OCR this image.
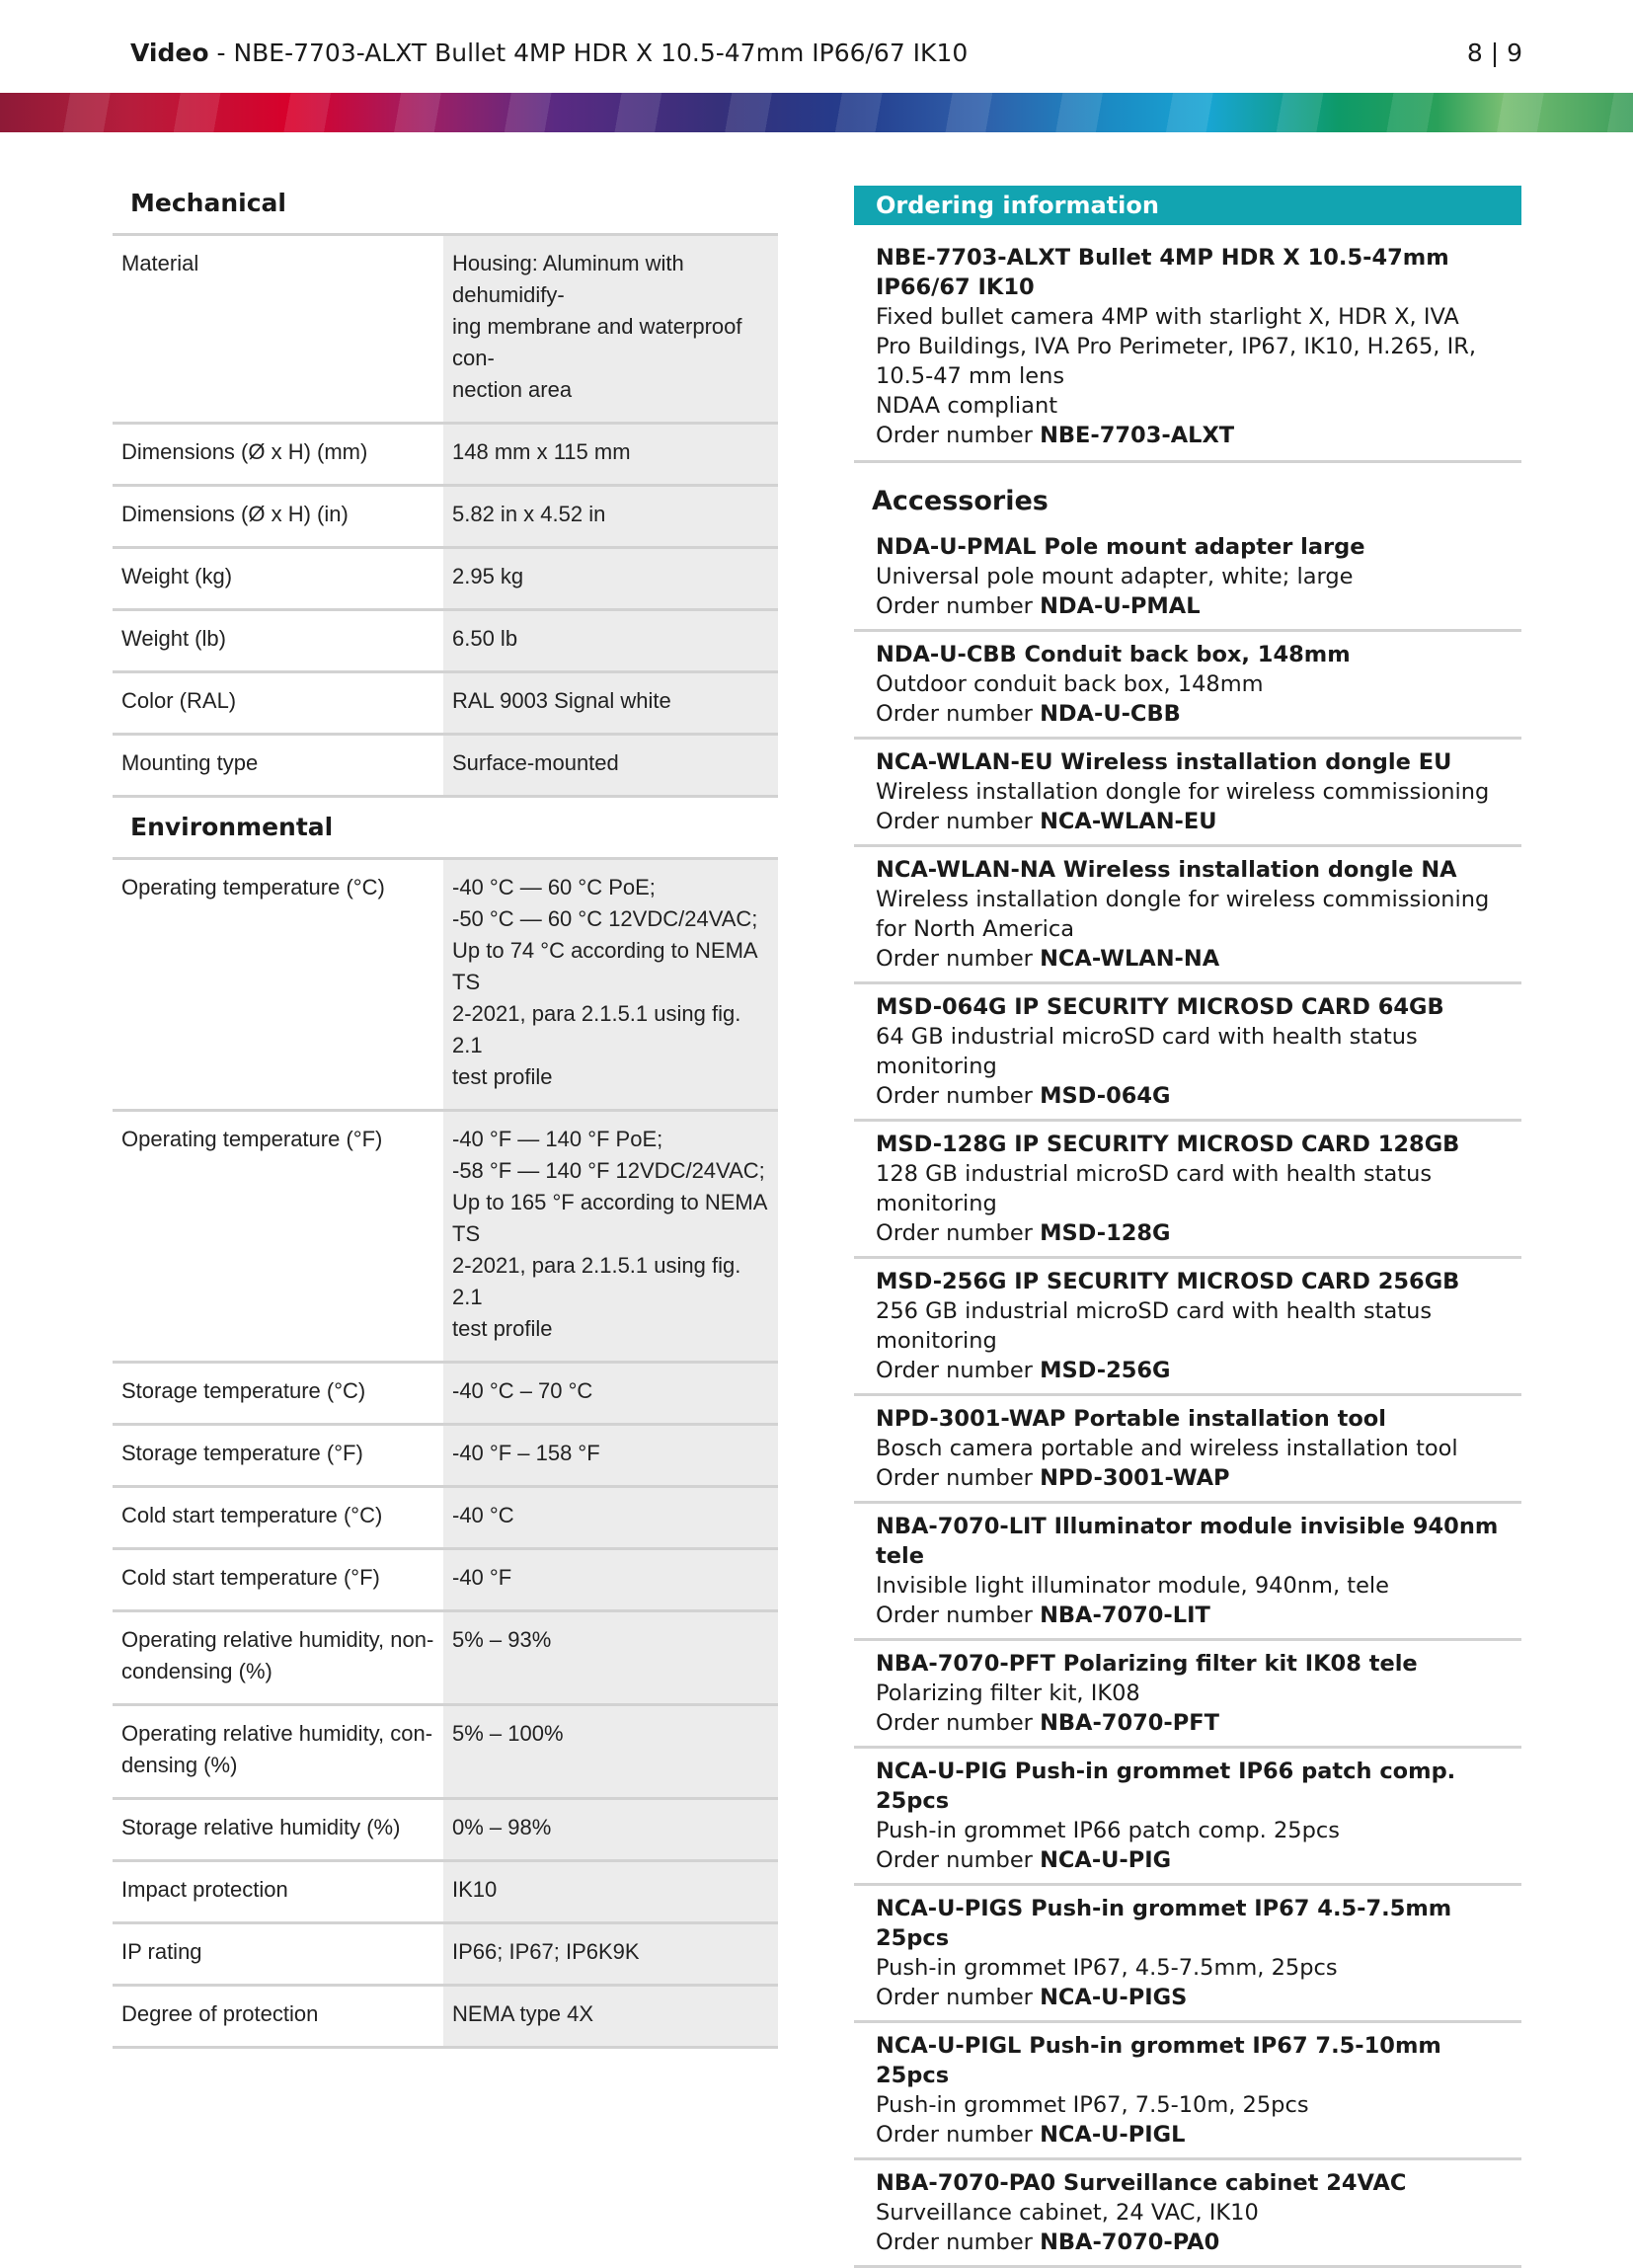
Video - NBE-7703-ALXT Bullet 4MP HDR X 10.5-47mm IP66/67 IK10	8 | 9
Mechanical
Material	Housing: Aluminum with dehumidify-
ing membrane and waterproof con-
nection area

Dimensions (Ø x H) (mm)	148 mm x 115 mm

Dimensions (Ø x H) (in)	5.82 in x 4.52 in

Weight (kg)	2.95 kg

Weight (lb)	6.50 lb

Color (RAL)	RAL 9003 Signal white

Mounting type	Surface-mounted
Environmental
Operating temperature (°C)	-40 °C — 60 °C PoE;
-50 °C — 60 °C 12VDC/24VAC;
Up to 74 °C according to NEMA TS
2-2021, para 2.1.5.1 using fig. 2.1
test profile

Operating temperature (°F)	-40 °F — 140 °F PoE;
-58 °F — 140 °F 12VDC/24VAC;
Up to 165 °F according to NEMA TS
2-2021, para 2.1.5.1 using fig. 2.1
test profile

Storage temperature (°C)	-40 °C – 70 °C

Storage temperature (°F)	-40 °F – 158 °F

Cold start temperature (°C)	-40 °C

Cold start temperature (°F)	-40 °F

Operating relative humidity, non-condensing (%)	5% – 93%

Operating relative humidity, con-densing (%)	5% – 100%

Storage relative humidity (%)	0% – 98%

Impact protection	IK10

IP rating	IP66; IP67; IP6K9K

Degree of protection	NEMA type 4X
Ordering information
NBE-7703-ALXT Bullet 4MP HDR X 10.5-47mm IP66/67 IK10
Fixed bullet camera 4MP with starlight X, HDR X, IVA Pro Buildings, IVA Pro Perimeter, IP67, IK10, H.265, IR, 10.5-47 mm lens
NDAA compliant
Order number NBE-7703-ALXT
Accessories
NDA-U-PMAL Pole mount adapter large
Universal pole mount adapter, white; large
Order number NDA-U-PMAL
NDA-U-CBB Conduit back box, 148mm
Outdoor conduit back box, 148mm
Order number NDA-U-CBB
NCA-WLAN-EU Wireless installation dongle EU
Wireless installation dongle for wireless commissioning
Order number NCA-WLAN-EU
NCA-WLAN-NA Wireless installation dongle NA
Wireless installation dongle for wireless commissioning for North America
Order number NCA-WLAN-NA
MSD-064G IP SECURITY MICROSD CARD 64GB
64 GB industrial microSD card with health status monitoring
Order number MSD-064G
MSD-128G IP SECURITY MICROSD CARD 128GB
128 GB industrial microSD card with health status monitoring
Order number MSD-128G
MSD-256G IP SECURITY MICROSD CARD 256GB
256 GB industrial microSD card with health status monitoring
Order number MSD-256G
NPD-3001-WAP Portable installation tool
Bosch camera portable and wireless installation tool
Order number NPD-3001-WAP
NBA-7070-LIT Illuminator module invisible 940nm tele
Invisible light illuminator module, 940nm, tele
Order number NBA-7070-LIT
NBA-7070-PFT Polarizing filter kit IK08 tele
Polarizing filter kit, IK08
Order number NBA-7070-PFT
NCA-U-PIG Push-in grommet IP66 patch comp. 25pcs
Push-in grommet IP66 patch comp. 25pcs
Order number NCA-U-PIG
NCA-U-PIGS Push-in grommet IP67 4.5-7.5mm 25pcs
Push-in grommet IP67, 4.5-7.5mm, 25pcs
Order number NCA-U-PIGS
NCA-U-PIGL Push-in grommet IP67 7.5-10mm 25pcs
Push-in grommet IP67, 7.5-10m, 25pcs
Order number NCA-U-PIGL
NBA-7070-PA0 Surveillance cabinet 24VAC
Surveillance cabinet, 24 VAC, IK10
Order number NBA-7070-PA0
